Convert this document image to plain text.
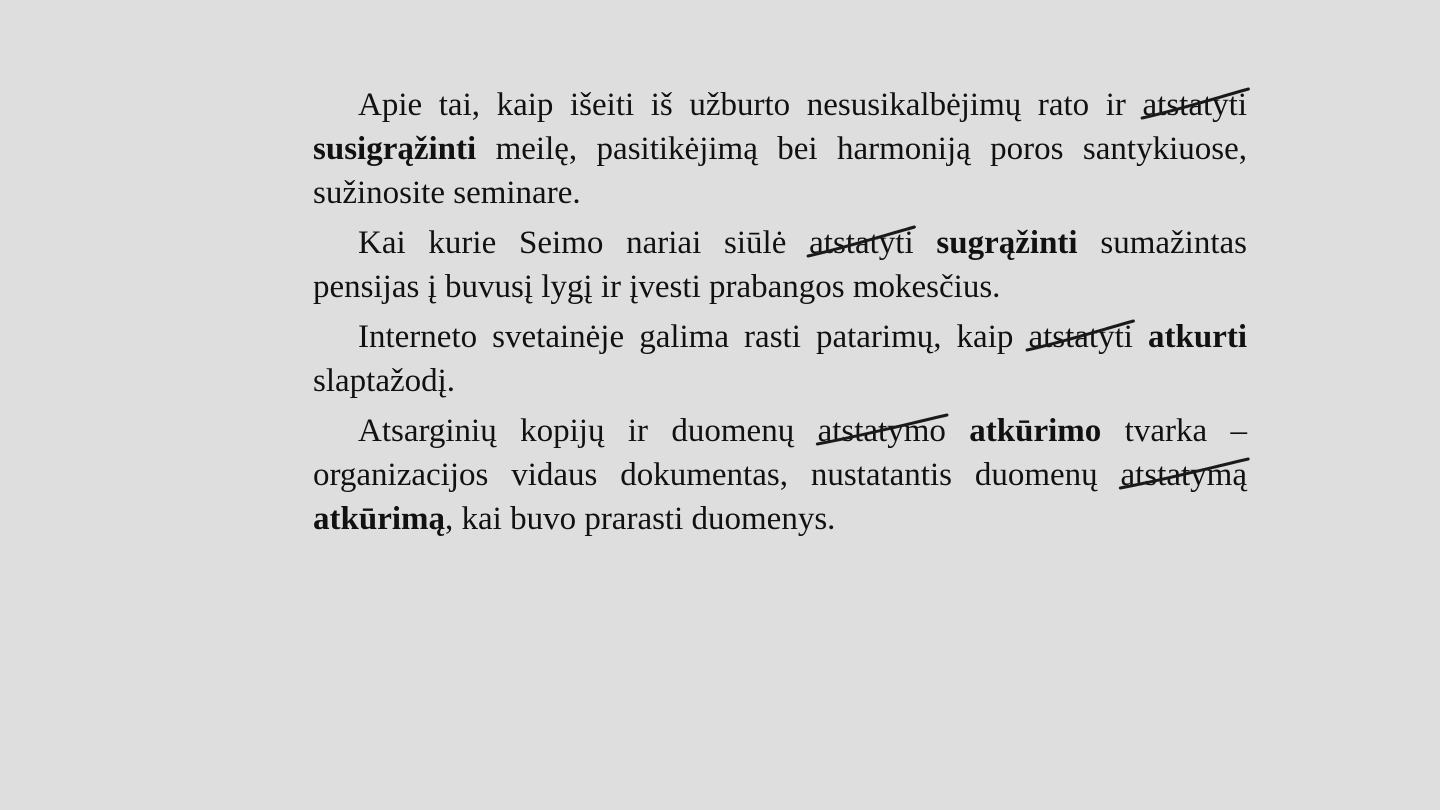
Apie tai, kaip išeiti iš užburto nesusikalbėjimų rato ir atstatyti
susigrąžinti meilę, pasitikėjimą bei harmoniją poros santykiuose, sužinosite seminare.

Kai kurie Seimo nariai siūlė atstatyti sugrąžinti sumažintas pensijas į buvusį lygį ir įvesti prabangos mokesčius.

Interneto svetainėje galima rasti patarimų, kaip atstatyti atkurti slaptažodį.

Atsarginių kopijų ir duomenų atstatymo atkūrimo tvarka – organizacijos vidaus dokumentas, nustatantis duomenų atstatymą
atkūrimą, kai buvo prarasti duomenys.
